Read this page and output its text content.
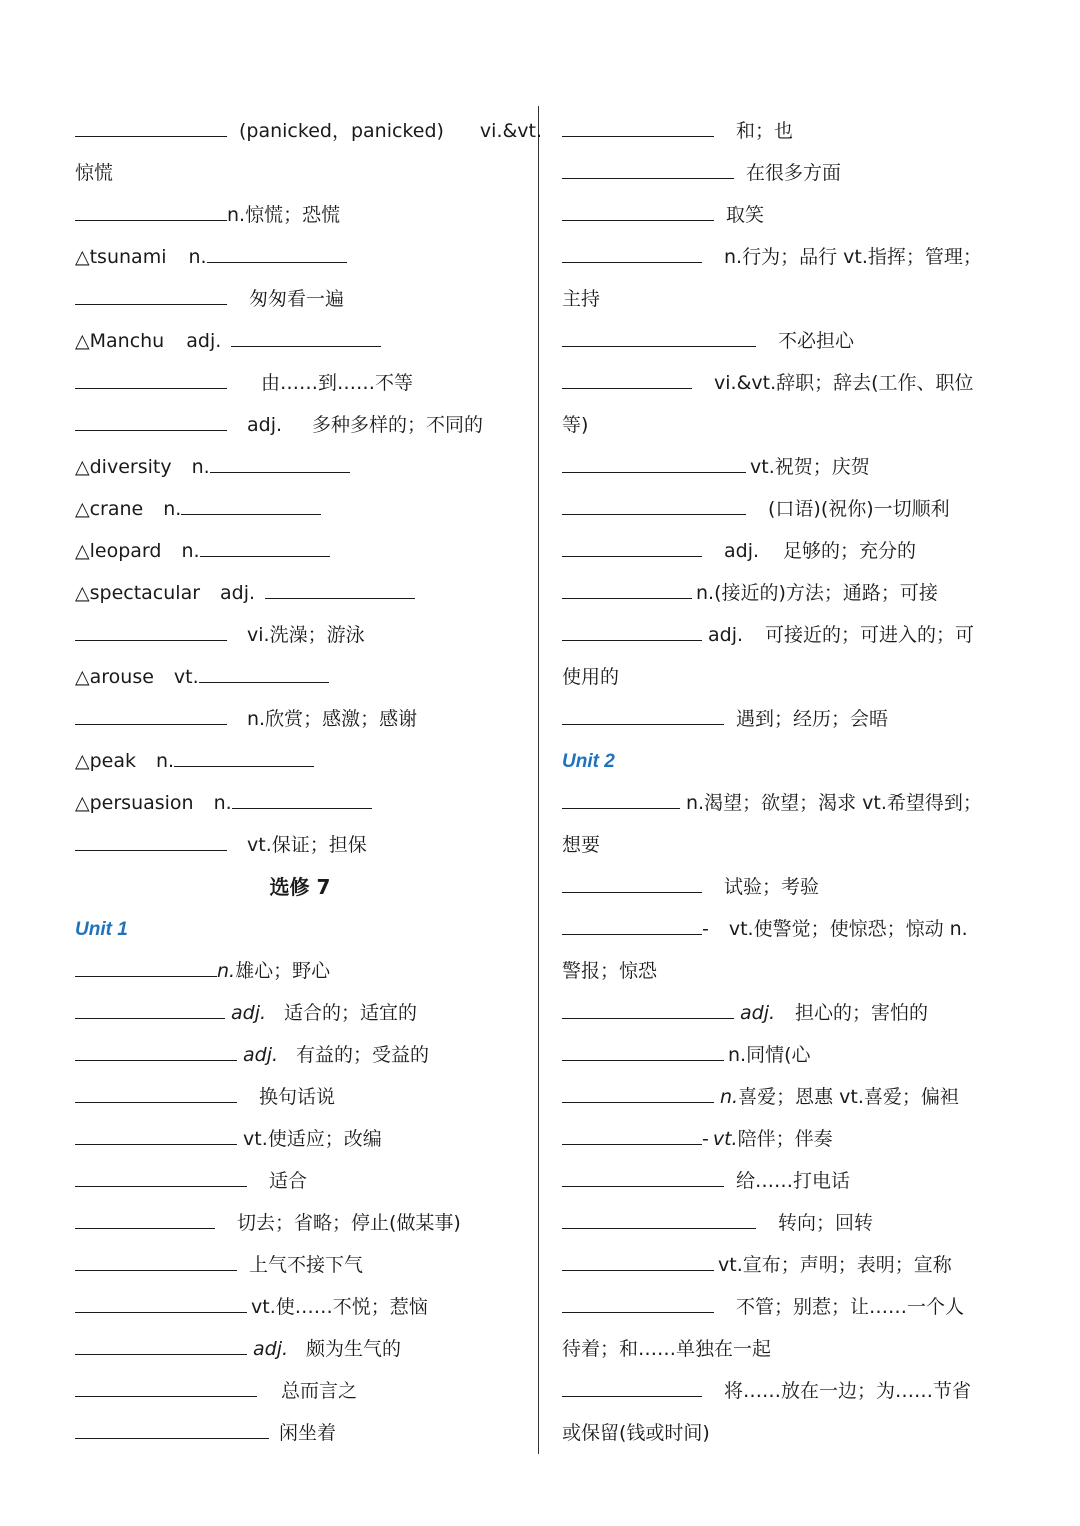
(panicked，panicked) vi.&vt.
惊慌
n.惊慌；恐慌
△tsunami n.
匆匆看一遍
△Manchu adj.
由……到……不等
adj. 多种多样的；不同的
△diversity n.
△crane n.
△leopard n.
△spectacular adj.
vi.洗澡；游泳
△arouse vt.
n.欣赏；感激；感谢
△peak n.
△persuasion n.
vt.保证；担保
选修 7
Unit 1
n.雄心；野心
adj. 适合的；适宜的
adj. 有益的；受益的
换句话说
vt.使适应；改编
适合
切去；省略；停止(做某事)
上气不接下气
vt.使……不悦；惹恼
adj. 颇为生气的
总而言之
闲坐着
和；也
在很多方面
取笑
n.行为；品行 vt.指挥；管理；
主持
不必担心
vi.&vt.辞职；辞去(工作、职位
等)
vt.祝贺；庆贺
(口语)(祝你)一切顺利
adj. 足够的；充分的
n.(接近的)方法；通路；可接
adj. 可接近的；可进入的；可
使用的
遇到；经历；会晤
Unit 2
n.渴望；欲望；渴求 vt.希望得到；
想要
试验；考验
- vt.使警觉；使惊恐；惊动 n.
警报；惊恐
adj. 担心的；害怕的
n.同情(心
n.喜爱；恩惠 vt.喜爱；偏袒
- vt.陪伴；伴奏
给……打电话
转向；回转
vt.宣布；声明；表明；宣称
不管；别惹；让……一个人
待着；和……单独在一起
将……放在一边；为……节省
或保留(钱或时间)
